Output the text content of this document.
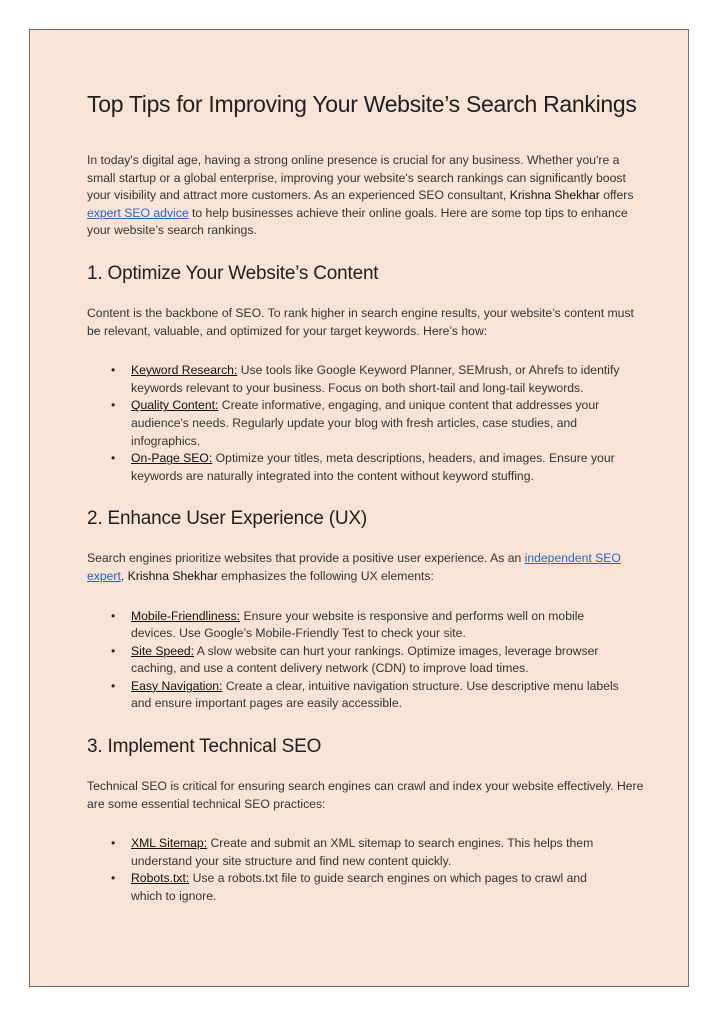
Top Tips for Improving Your Website’s Search Rankings

In today's digital age, having a strong online presence is crucial for any business. Whether you're a small startup or a global enterprise, improving your website's search rankings can significantly boost your visibility and attract more customers. As an experienced SEO consultant, Krishna Shekhar offers expert SEO advice to help businesses achieve their online goals. Here are some top tips to enhance your website’s search rankings.

1. Optimize Your Website’s Content

Content is the backbone of SEO. To rank higher in search engine results, your website’s content must be relevant, valuable, and optimized for your target keywords. Here’s how:

• Keyword Research: Use tools like Google Keyword Planner, SEMrush, or Ahrefs to identify keywords relevant to your business. Focus on both short-tail and long-tail keywords.
• Quality Content: Create informative, engaging, and unique content that addresses your audience's needs. Regularly update your blog with fresh articles, case studies, and infographics.
• On-Page SEO: Optimize your titles, meta descriptions, headers, and images. Ensure your keywords are naturally integrated into the content without keyword stuffing.
2. Enhance User Experience (UX)

Search engines prioritize websites that provide a positive user experience. As an independent SEO expert, Krishna Shekhar emphasizes the following UX elements:

• Mobile-Friendliness: Ensure your website is responsive and performs well on mobile devices. Use Google’s Mobile-Friendly Test to check your site.
• Site Speed: A slow website can hurt your rankings. Optimize images, leverage browser caching, and use a content delivery network (CDN) to improve load times.
• Easy Navigation: Create a clear, intuitive navigation structure. Use descriptive menu labels and ensure important pages are easily accessible.
3. Implement Technical SEO

Technical SEO is critical for ensuring search engines can crawl and index your website effectively. Here are some essential technical SEO practices:

• XML Sitemap: Create and submit an XML sitemap to search engines. This helps them understand your site structure and find new content quickly.
• Robots.txt: Use a robots.txt file to guide search engines on which pages to crawl and which to ignore.
